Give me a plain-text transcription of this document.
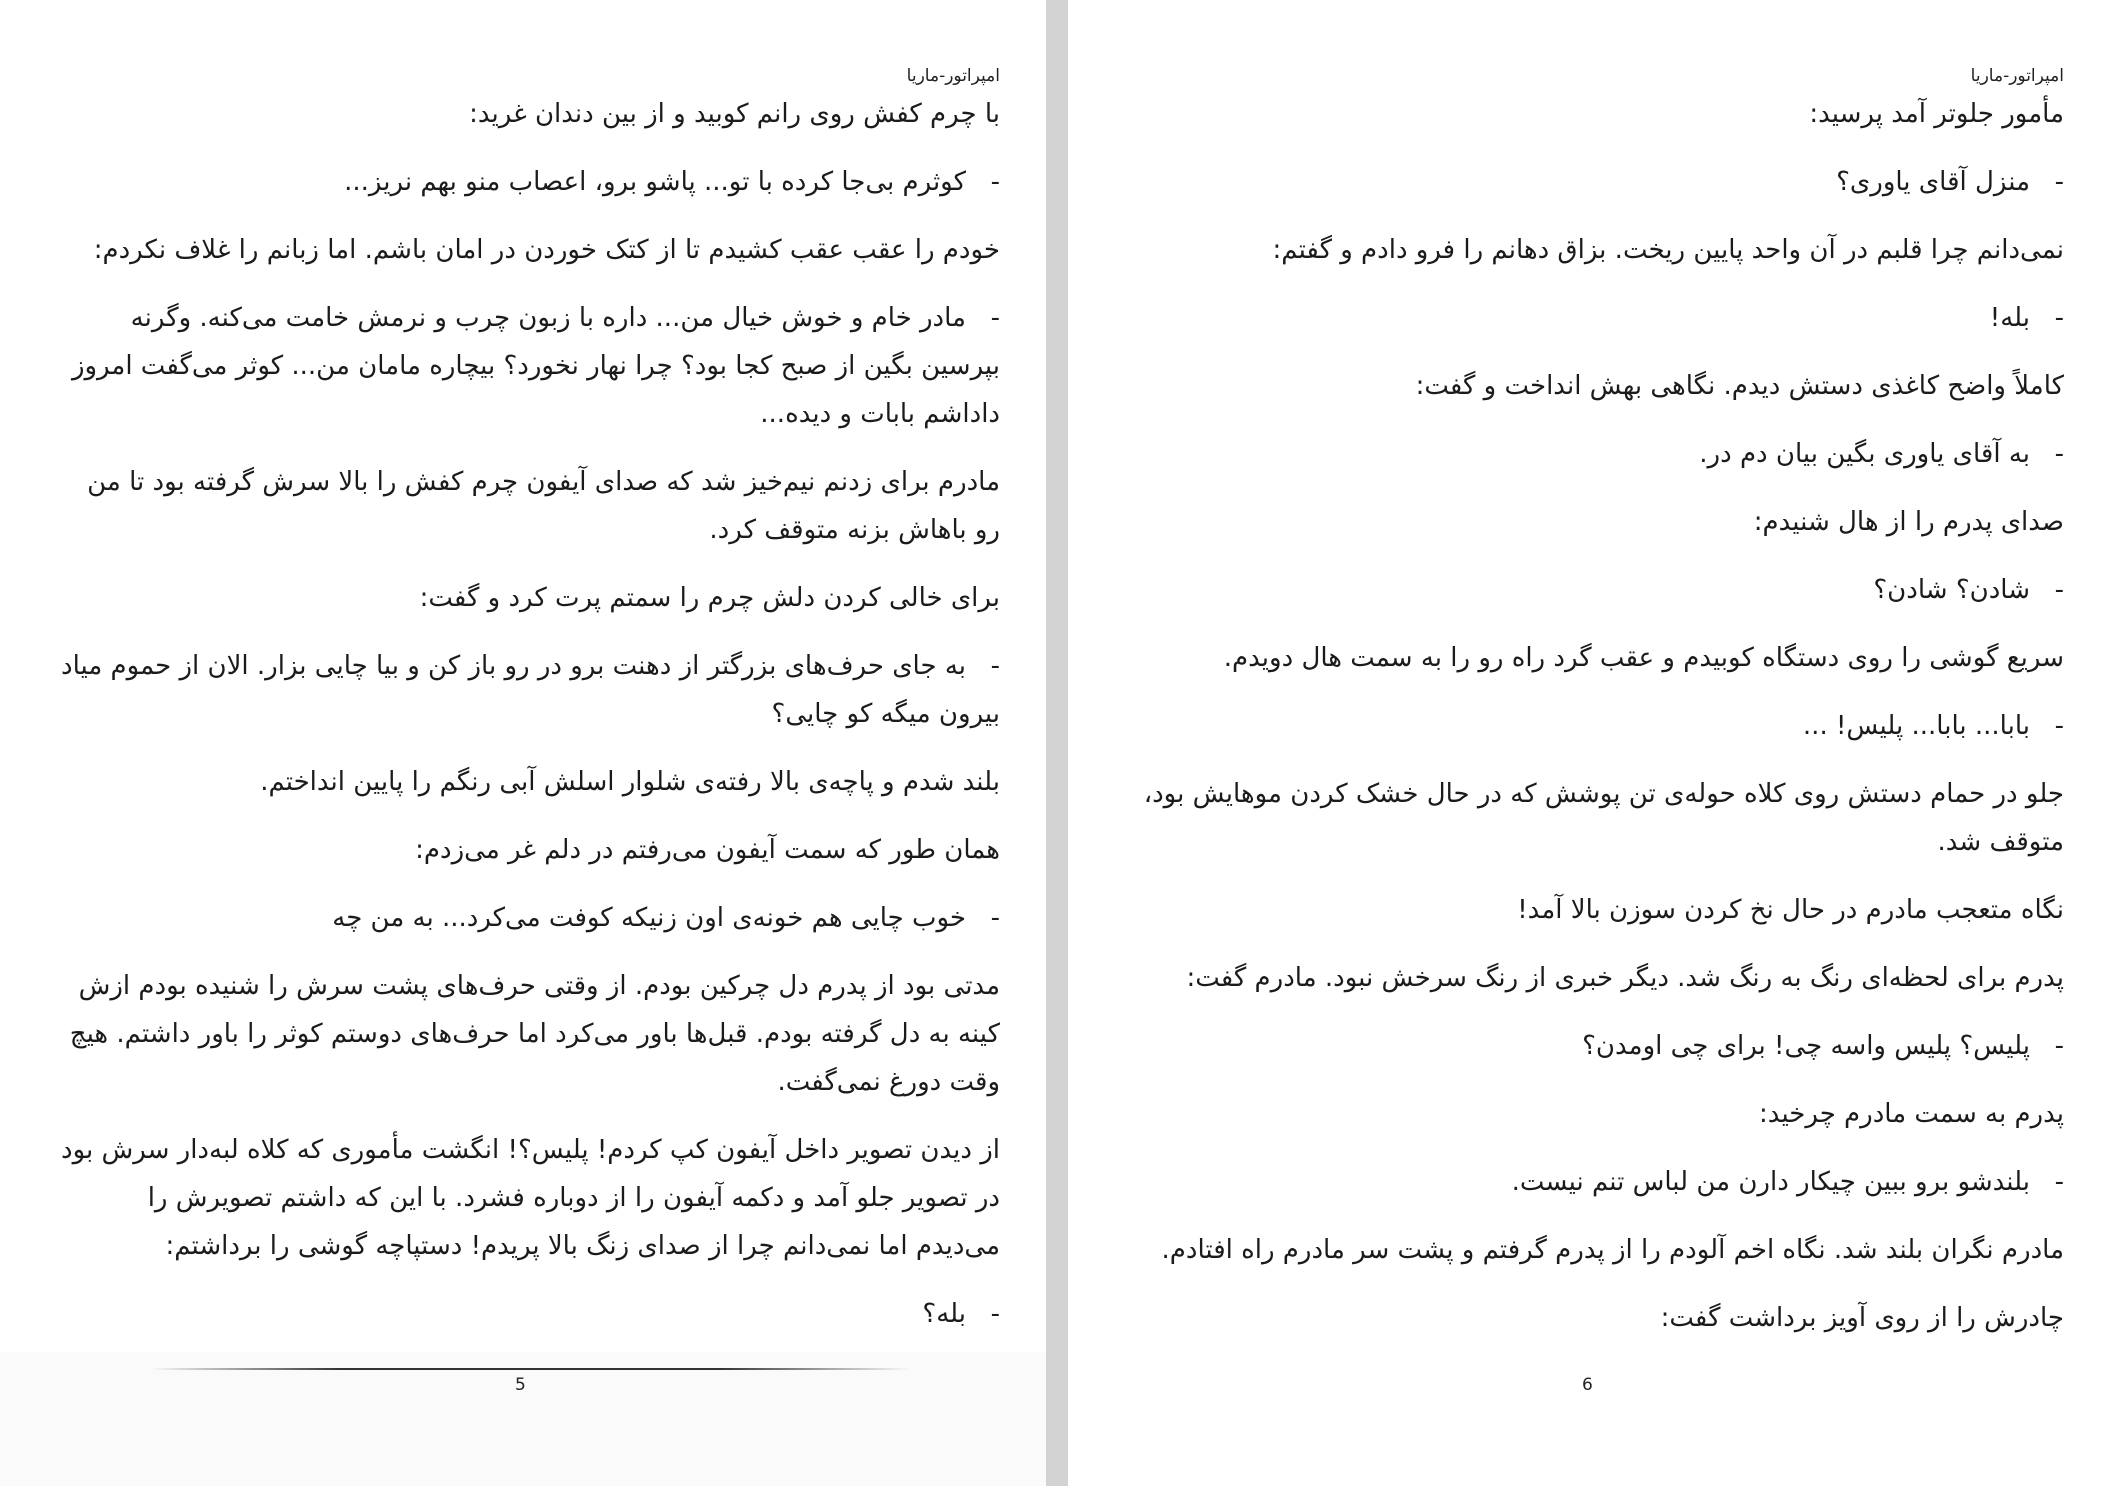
امپراتور-ماریا

با چرم کفش روی رانم کوبید و از بین دندان غرید:

-کوثرم بی‌جا کرده با تو... پاشو برو، اعصاب منو بهم نریز...

خودم را عقب عقب کشیدم تا از کتک خوردن در امان باشم. اما زبانم را غلاف نکردم:

-مادر خام و خوش خیال من... داره با زبون چرب و نرمش خامت می‌کنه. وگرنه بپرسین بگین از صبح کجا بود؟ چرا نهار نخورد؟ بیچاره مامان من... کوثر می‌گفت امروز داداشم بابات و دیده...

مادرم برای زدنم نیم‌خیز شد که صدای آیفون چرم کفش را بالا سرش گرفته بود تا من رو باهاش بزنه متوقف کرد.

برای خالی کردن دلش چرم را سمتم پرت کرد و گفت:

-به جای حرف‌های بزرگتر از دهنت برو در رو باز کن و بیا چایی بزار. الان از حموم میاد بیرون میگه کو چایی؟

بلند شدم و پاچه‌ی بالا رفته‌ی شلوار اسلش آبی رنگم را پایین انداختم.

همان طور که سمت آیفون می‌رفتم در دلم غر می‌زدم:

-خوب چایی هم خونه‌ی اون زنیکه کوفت می‌کرد... به من چه

مدتی بود از پدرم دل چرکین بودم. از وقتی حرف‌های پشت سرش را شنیده بودم ازش کینه به دل گرفته بودم. قبل‌ها باور می‌کرد اما حرف‌های دوستم کوثر را باور داشتم. هیچ وقت دورغ نمی‌گفت.

از دیدن تصویر داخل آیفون کپ کردم! پلیس؟! انگشت مأموری که کلاه لبه‌دار سرش بود در تصویر جلو آمد و دکمه آیفون را از دوباره فشرد. با این که داشتم تصویرش را می‌دیدم اما نمی‌دانم چرا از صدای زنگ بالا پریدم! دستپاچه گوشی را برداشتم:

-بله؟

5
امپراتور-ماریا

مأمور جلوتر آمد پرسید:

-منزل آقای یاوری؟

نمی‌دانم چرا قلبم در آن واحد پایین ریخت. بزاق دهانم را فرو دادم و گفتم:

-بله!

کاملاً واضح کاغذی دستش دیدم. نگاهی بهش انداخت و گفت:

-به آقای یاوری بگین بیان دم در.

صدای پدرم را از هال شنیدم:

-شادن؟ شادن؟

سریع گوشی را روی دستگاه کوبیدم و عقب گرد راه رو را به سمت هال دویدم.

-بابا... بابا... پلیس! ...

جلو در حمام دستش روی کلاه حوله‌ی تن پوشش که در حال خشک کردن موهایش بود، متوقف شد.

نگاه متعجب مادرم در حال نخ کردن سوزن بالا آمد!

پدرم برای لحظه‌ای رنگ به رنگ شد. دیگر خبری از رنگ سرخش نبود. مادرم گفت:

-پلیس؟ پلیس واسه چی! برای چی اومدن؟

پدرم به سمت مادرم چرخید:

-بلندشو برو ببین چیکار دارن من لباس تنم نیست.

مادرم نگران بلند شد. نگاه اخم آلودم را از پدرم گرفتم و پشت سر مادرم راه افتادم.

چادرش را از روی آویز برداشت گفت:

6
